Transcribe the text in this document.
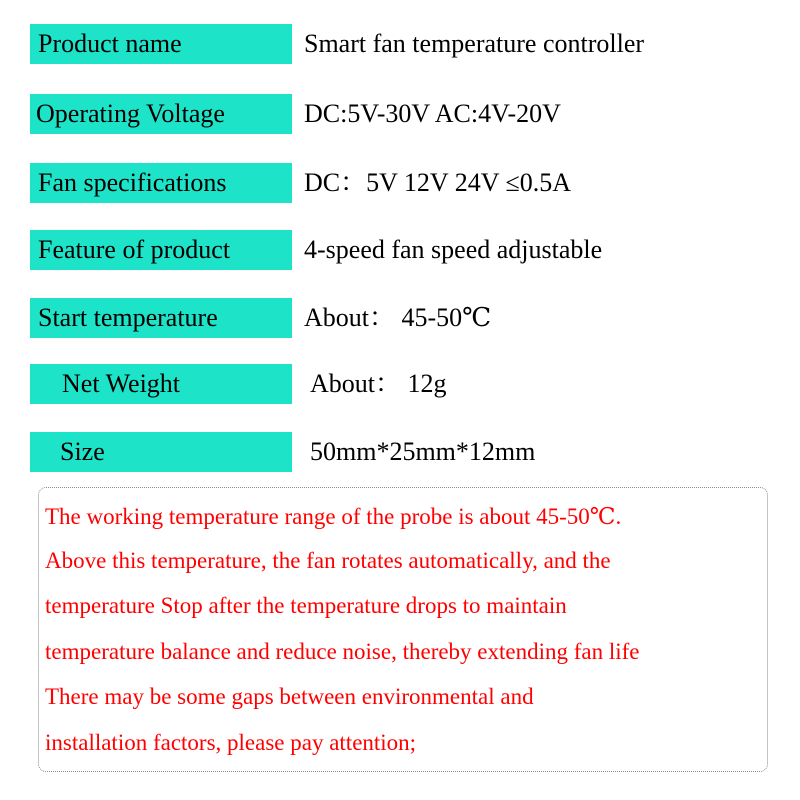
Product name	Smart fan temperature controller
Operating Voltage	DC:5V-30V AC:4V-20V
Fan specifications	DC：5V 12V 24V ≤0.5A
Feature of product	4-speed fan speed adjustable
Start temperature	About： 45-50℃
Net Weight	About： 12g
Size	50mm*25mm*12mm
The working temperature range of the probe is about 45-50℃.
Above this temperature, the fan rotates automatically, and the
temperature Stop after the temperature drops to maintain
temperature balance and reduce noise, thereby extending fan life
There may be some gaps between environmental and
installation factors, please pay attention;
